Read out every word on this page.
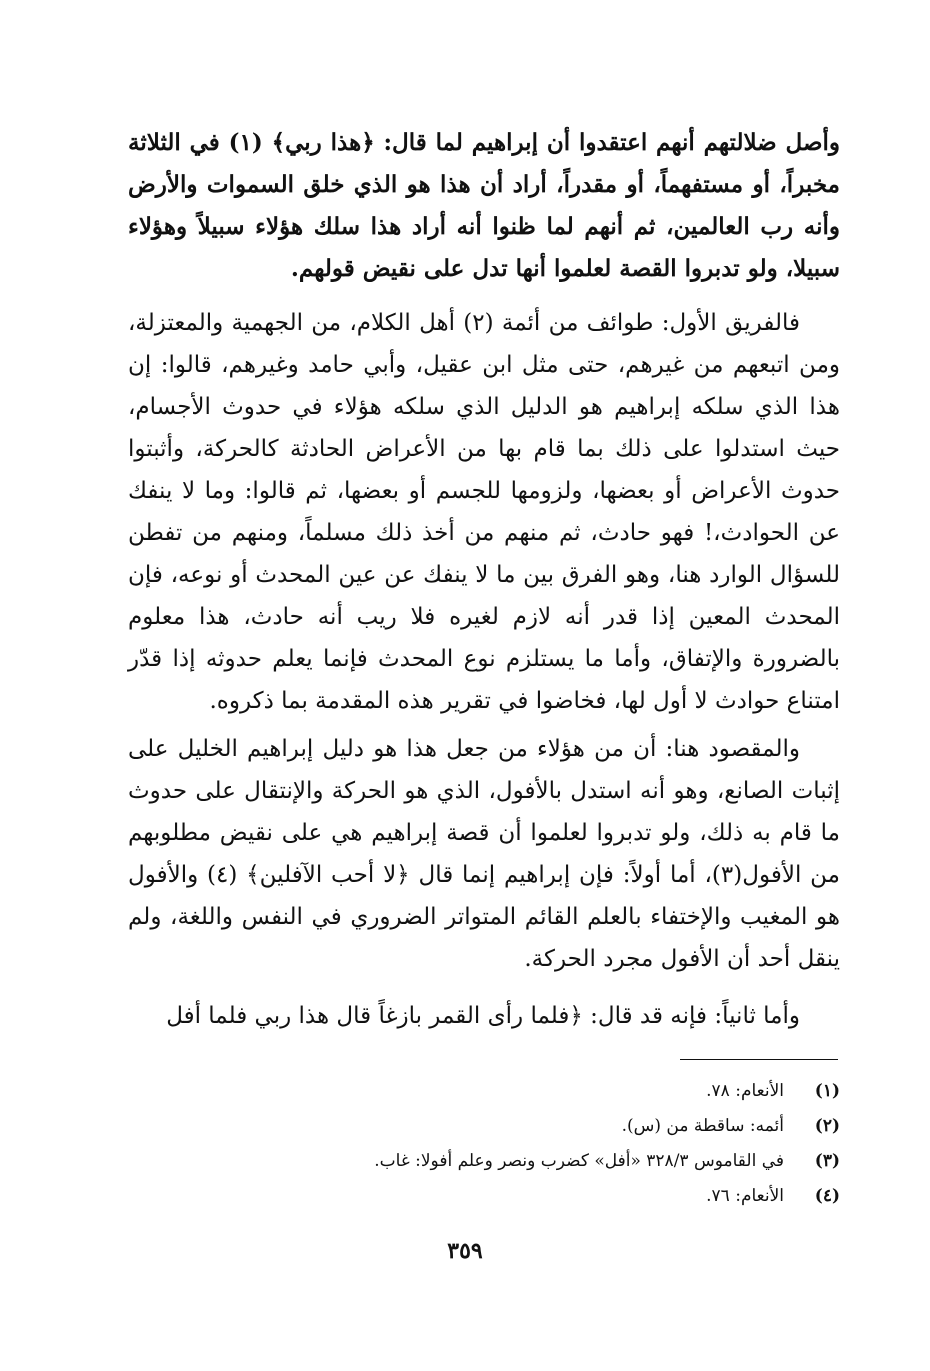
وأصل ضلالتهم أنهم اعتقدوا أن إبراهيم لما قال: ﴿هذا ربي﴾ (١) في الثلاثة مخبراً، أو مستفهماً، أو مقدراً، أراد أن هذا هو الذي خلق السموات والأرض وأنه رب العالمين، ثم أنهم لما ظنوا أنه أراد هذا سلك هؤلاء سبيلاً وهؤلاء سبيلا، ولو تدبروا القصة لعلموا أنها تدل على نقيض قولهم.

فالفريق الأول: طوائف من أئمة (٢) أهل الكلام، من الجهمية والمعتزلة، ومن اتبعهم من غيرهم، حتى مثل ابن عقيل، وأبي حامد وغيرهم، قالوا: إن هذا الذي سلكه إبراهيم هو الدليل الذي سلكه هؤلاء في حدوث الأجسام، حيث استدلوا على ذلك بما قام بها من الأعراض الحادثة كالحركة، وأثبتوا حدوث الأعراض أو بعضها، ولزومها للجسم أو بعضها، ثم قالوا: وما لا ينفك عن الحوادث،! فهو حادث، ثم منهم من أخذ ذلك مسلماً، ومنهم من تفطن للسؤال الوارد هنا، وهو الفرق بين ما لا ينفك عن عين المحدث أو نوعه، فإن المحدث المعين إذا قدر أنه لازم لغيره فلا ريب أنه حادث، هذا معلوم بالضرورة والإتفاق، وأما ما يستلزم نوع المحدث فإنما يعلم حدوثه إذا قدّر امتناع حوادث لا أول لها، فخاضوا في تقرير هذه المقدمة بما ذكروه.

والمقصود هنا: أن من هؤلاء من جعل هذا هو دليل إبراهيم الخليل على إثبات الصانع، وهو أنه استدل بالأفول، الذي هو الحركة والإنتقال على حدوث ما قام به ذلك، ولو تدبروا لعلموا أن قصة إبراهيم هي على نقيض مطلوبهم من الأفول(٣)، أما أولاً: فإن إبراهيم إنما قال ﴿لا أحب الآفلين﴾ (٤) والأفول هو المغيب والإختفاء بالعلم القائم المتواتر الضروري في النفس واللغة، ولم ينقل أحد أن الأفول مجرد الحركة.

وأما ثانياً: فإنه قد قال: ﴿فلما رأى القمر بازغاً قال هذا ربي فلما أفل

(١)
الأنعام: ٧٨.
(٢)
أئمه: ساقطة من (س).
(٣)
في القاموس ٣٢٨/٣ «أفل» كضرب ونصر وعلم أفولا: غاب.
(٤)
الأنعام: ٧٦.
٣٥٩
